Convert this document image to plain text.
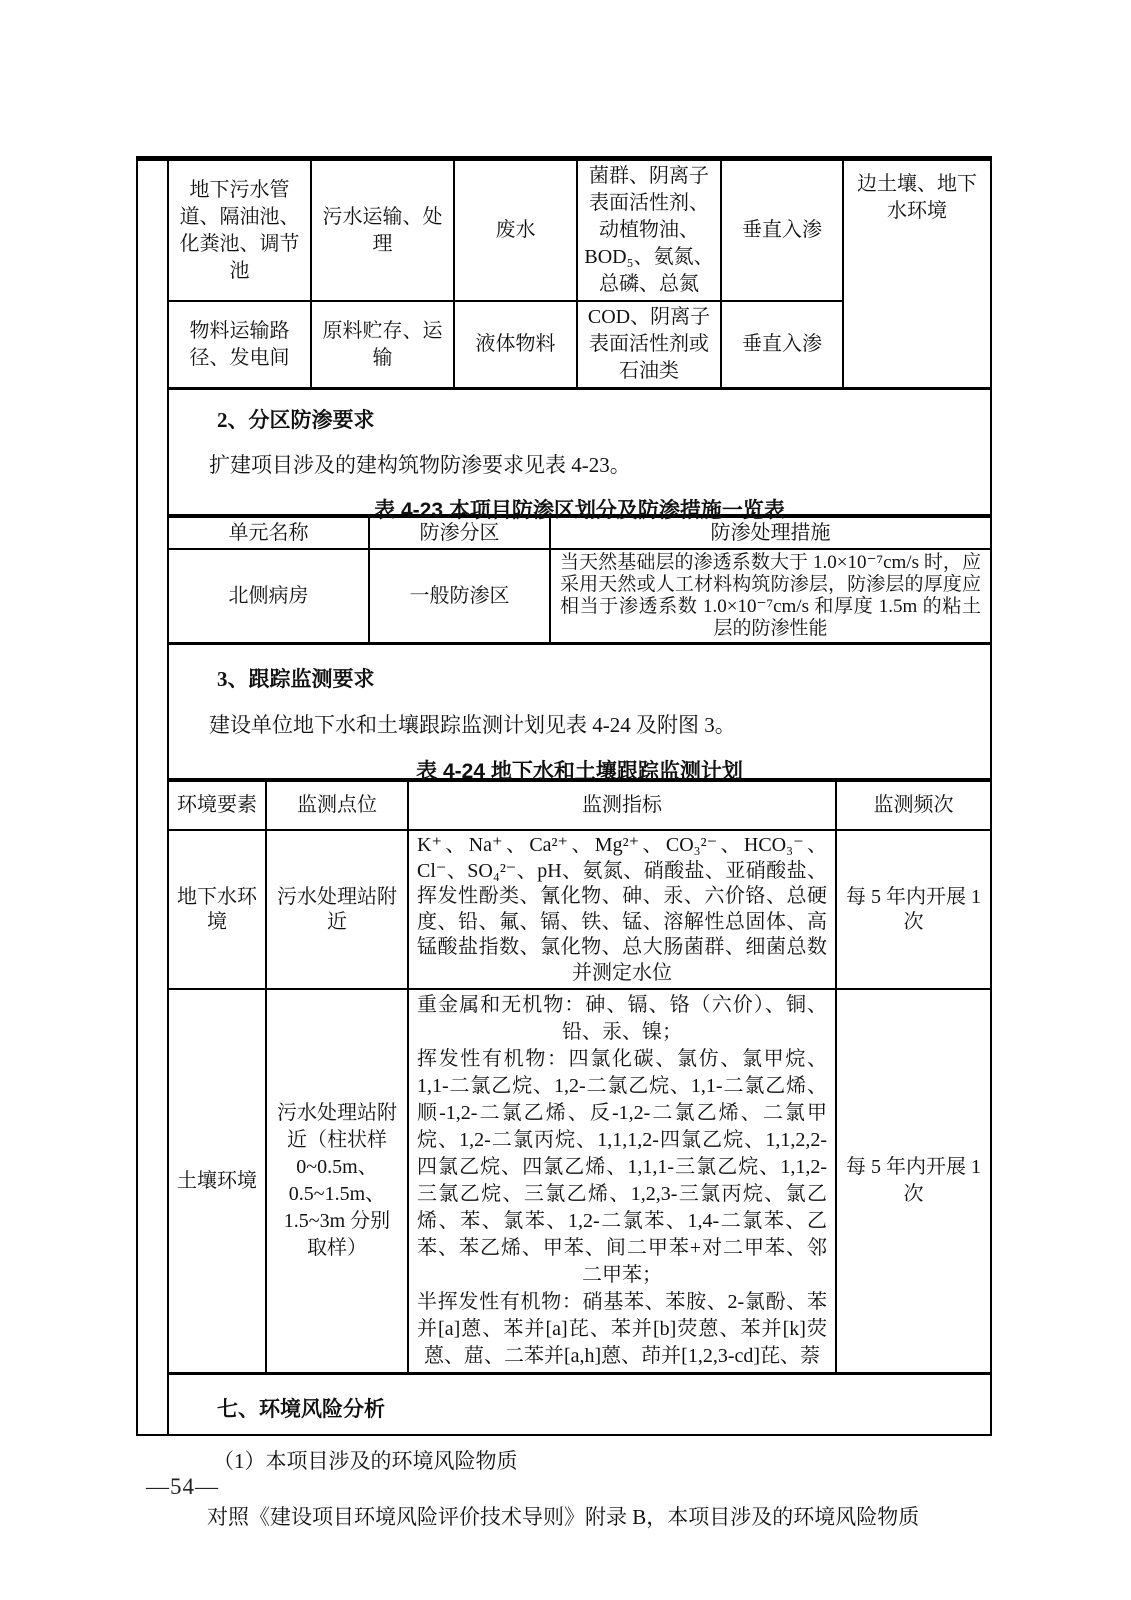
地下污水管道、隔油池、化粪池、调节池	污水运输、处理	废水	菌群、阴离子表面活性剂、动植物油、BOD₅、氨氮、总磷、总氮	垂直入渗	边土壤、地下水环境
物料运输路径、发电间	原料贮存、运输	液体物料	COD、阴离子表面活性剂或石油类	垂直入渗	
2、分区防渗要求
扩建项目涉及的建构筑物防渗要求见表 4-23。
表 4-23 本项目防渗区划分及防渗措施一览表
单元名称	防渗分区	防渗处理措施
北侧病房	一般防渗区	当天然基础层的渗透系数大于 1.0×10⁻⁷cm/s 时，应采用天然或人工材料构筑防渗层，防渗层的厚度应相当于渗透系数 1.0×10⁻⁷cm/s 和厚度 1.5m 的粘土层的防渗性能
3、跟踪监测要求
建设单位地下水和土壤跟踪监测计划见表 4-24 及附图 3。
表 4-24 地下水和土壤跟踪监测计划
环境要素	监测点位	监测指标	监测频次
地下水环境	污水处理站附近	K⁺、Na⁺、Ca²⁺、Mg²⁺、CO₃²⁻、HCO₃⁻、Cl⁻、SO₄²⁻、pH、氨氮、硝酸盐、亚硝酸盐、挥发性酚类、氰化物、砷、汞、六价铬、总硬度、铅、氟、镉、铁、锰、溶解性总固体、高锰酸盐指数、氯化物、总大肠菌群、细菌总数并测定水位	每 5 年内开展 1 次
土壤环境	污水处理站附近（柱状样 0~0.5m、0.5~1.5m、1.5~3m 分别取样）	重金属和无机物：砷、镉、铬（六价）、铜、铅、汞、镍；

挥发性有机物：四氯化碳、氯仿、氯甲烷、1,1-二氯乙烷、1,2-二氯乙烷、1,1-二氯乙烯、顺-1,2-二氯乙烯、反-1,2-二氯乙烯、二氯甲烷、1,2-二氯丙烷、1,1,1,2-四氯乙烷、1,1,2,2-四氯乙烷、四氯乙烯、1,1,1-三氯乙烷、1,1,2-三氯乙烷、三氯乙烯、1,2,3-三氯丙烷、氯乙烯、苯、氯苯、1,2-二氯苯、1,4-二氯苯、乙苯、苯乙烯、甲苯、间二甲苯+对二甲苯、邻二甲苯；

半挥发性有机物：硝基苯、苯胺、2-氯酚、苯并[a]蒽、苯并[a]芘、苯并[b]荧蒽、苯并[k]荧蒽、䓛、二苯并[a,h]蒽、茚并[1,2,3-cd]芘、萘	每 5 年内开展 1 次
七、环境风险分析
（1）本项目涉及的环境风险物质
对照《建设项目环境风险评价技术导则》附录 B，本项目涉及的环境风险物质
—54—
